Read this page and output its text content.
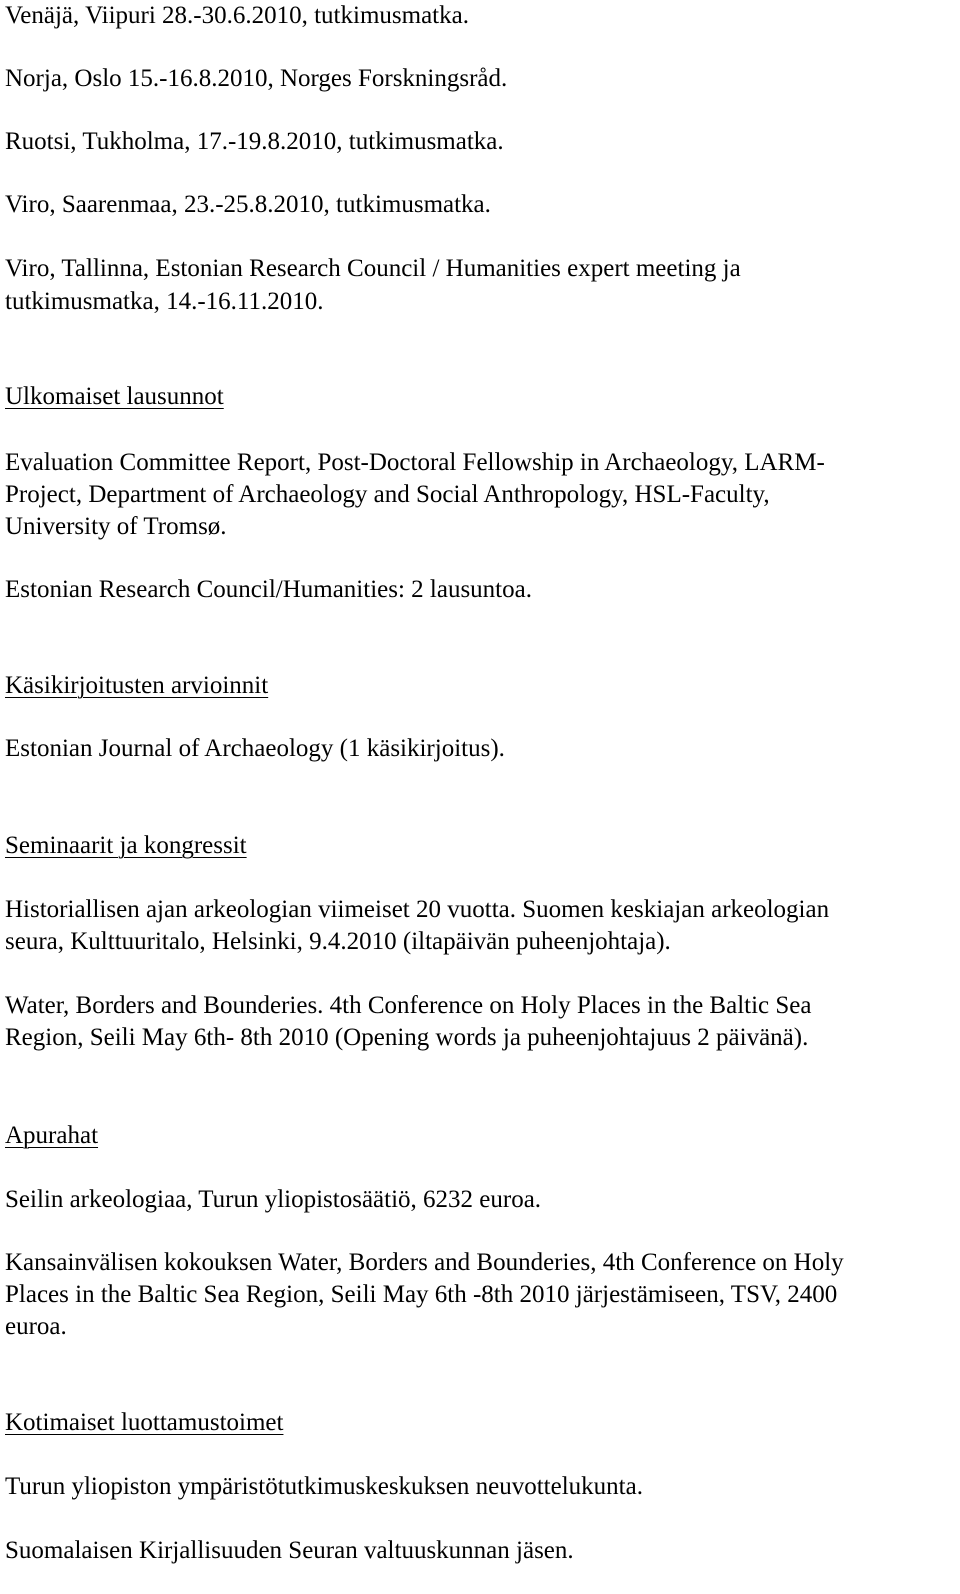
Venäjä, Viipuri 28.-30.6.2010, tutkimusmatka.

Norja, Oslo 15.-16.8.2010, Norges Forskningsråd.

Ruotsi, Tukholma, 17.-19.8.2010, tutkimusmatka.

Viro, Saarenmaa, 23.-25.8.2010, tutkimusmatka.

Viro, Tallinna, Estonian Research Council / Humanities expert meeting ja

tutkimusmatka, 14.-16.11.2010.

Ulkomaiset lausunnot

Evaluation Committee Report, Post-Doctoral Fellowship in Archaeology, LARM-

Project, Department of Archaeology and Social Anthropology, HSL-Faculty,

University of Tromsø.

Estonian Research Council/Humanities: 2 lausuntoa.

Käsikirjoitusten arvioinnit

Estonian Journal of Archaeology (1 käsikirjoitus).

Seminaarit ja kongressit

Historiallisen ajan arkeologian viimeiset 20 vuotta. Suomen keskiajan arkeologian

seura, Kulttuuritalo, Helsinki, 9.4.2010 (iltapäivän puheenjohtaja).

Water, Borders and Bounderies. 4th Conference on Holy Places in the Baltic Sea

Region, Seili May 6th- 8th 2010 (Opening words ja puheenjohtajuus 2 päivänä).

Apurahat

Seilin arkeologiaa, Turun yliopistosäätiö, 6232 euroa.

Kansainvälisen kokouksen Water, Borders and Bounderies, 4th Conference on Holy

Places in the Baltic Sea Region, Seili May 6th -8th 2010 järjestämiseen, TSV, 2400

euroa.

Kotimaiset luottamustoimet

Turun yliopiston ympäristötutkimuskeskuksen neuvottelukunta.

Suomalaisen Kirjallisuuden Seuran valtuuskunnan jäsen.
